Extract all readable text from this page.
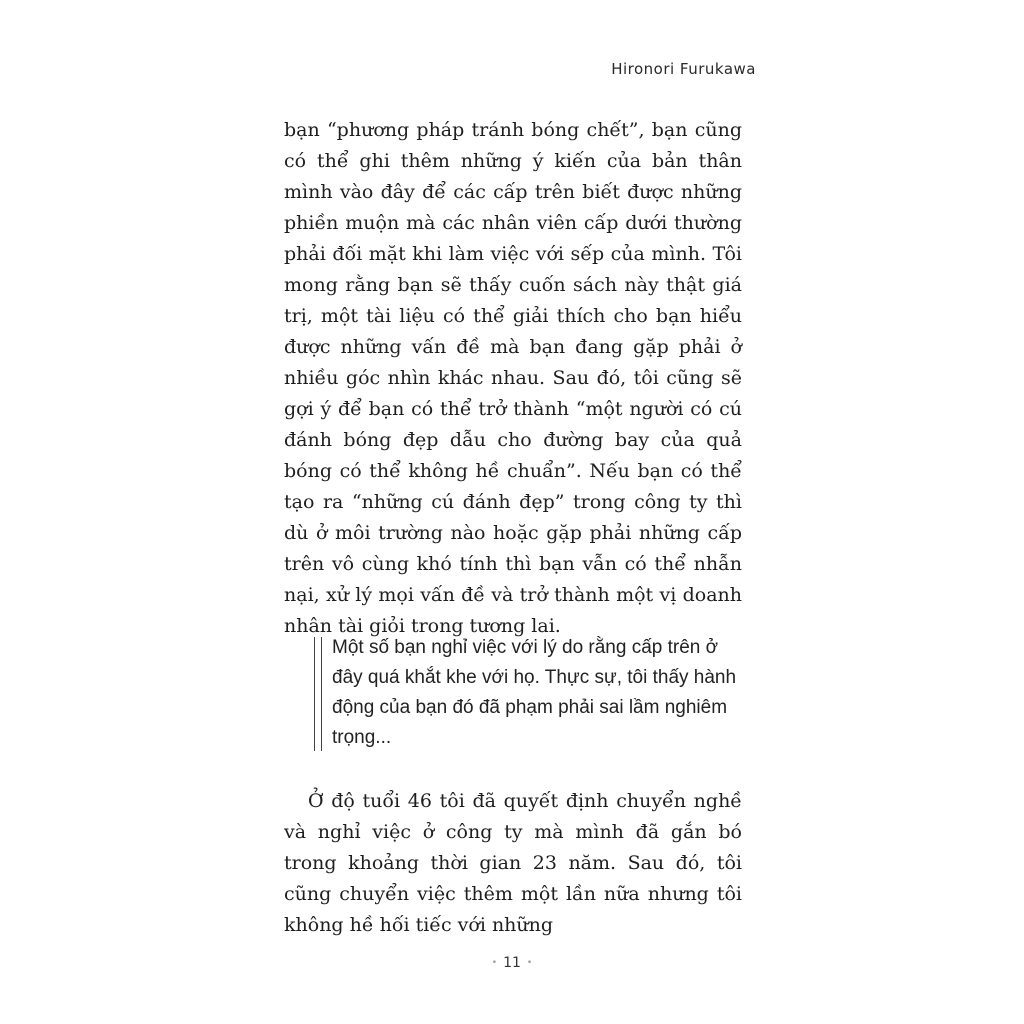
Hironori Furukawa

bạn “phương pháp tránh bóng chết”, bạn cũng có thể ghi thêm những ý kiến của bản thân mình vào đây để các cấp trên biết được những phiền muộn mà các nhân viên cấp dưới thường phải đối mặt khi làm việc với sếp của mình. Tôi mong rằng bạn sẽ thấy cuốn sách này thật giá trị, một tài liệu có thể giải thích cho bạn hiểu được những vấn đề mà bạn đang gặp phải ở nhiều góc nhìn khác nhau. Sau đó, tôi cũng sẽ gợi ý để bạn có thể trở thành “một người có cú đánh bóng đẹp dẫu cho đường bay của quả bóng có thể không hề chuẩn”. Nếu bạn có thể tạo ra “những cú đánh đẹp” trong công ty thì dù ở môi trường nào hoặc gặp phải những cấp trên vô cùng khó tính thì bạn vẫn có thể nhẫn nại, xử lý mọi vấn đề và trở thành một vị doanh nhân tài giỏi trong tương lai.

Một số bạn nghỉ việc với lý do rằng cấp trên ở đây quá khắt khe với họ. Thực sự, tôi thấy hành động của bạn đó đã phạm phải sai lầm nghiêm trọng...

Ở độ tuổi 46 tôi đã quyết định chuyển nghề và nghỉ việc ở công ty mà mình đã gắn bó trong khoảng thời gian 23 năm. Sau đó, tôi cũng chuyển việc thêm một lần nữa nhưng tôi không hề hối tiếc với những

• 11 •
